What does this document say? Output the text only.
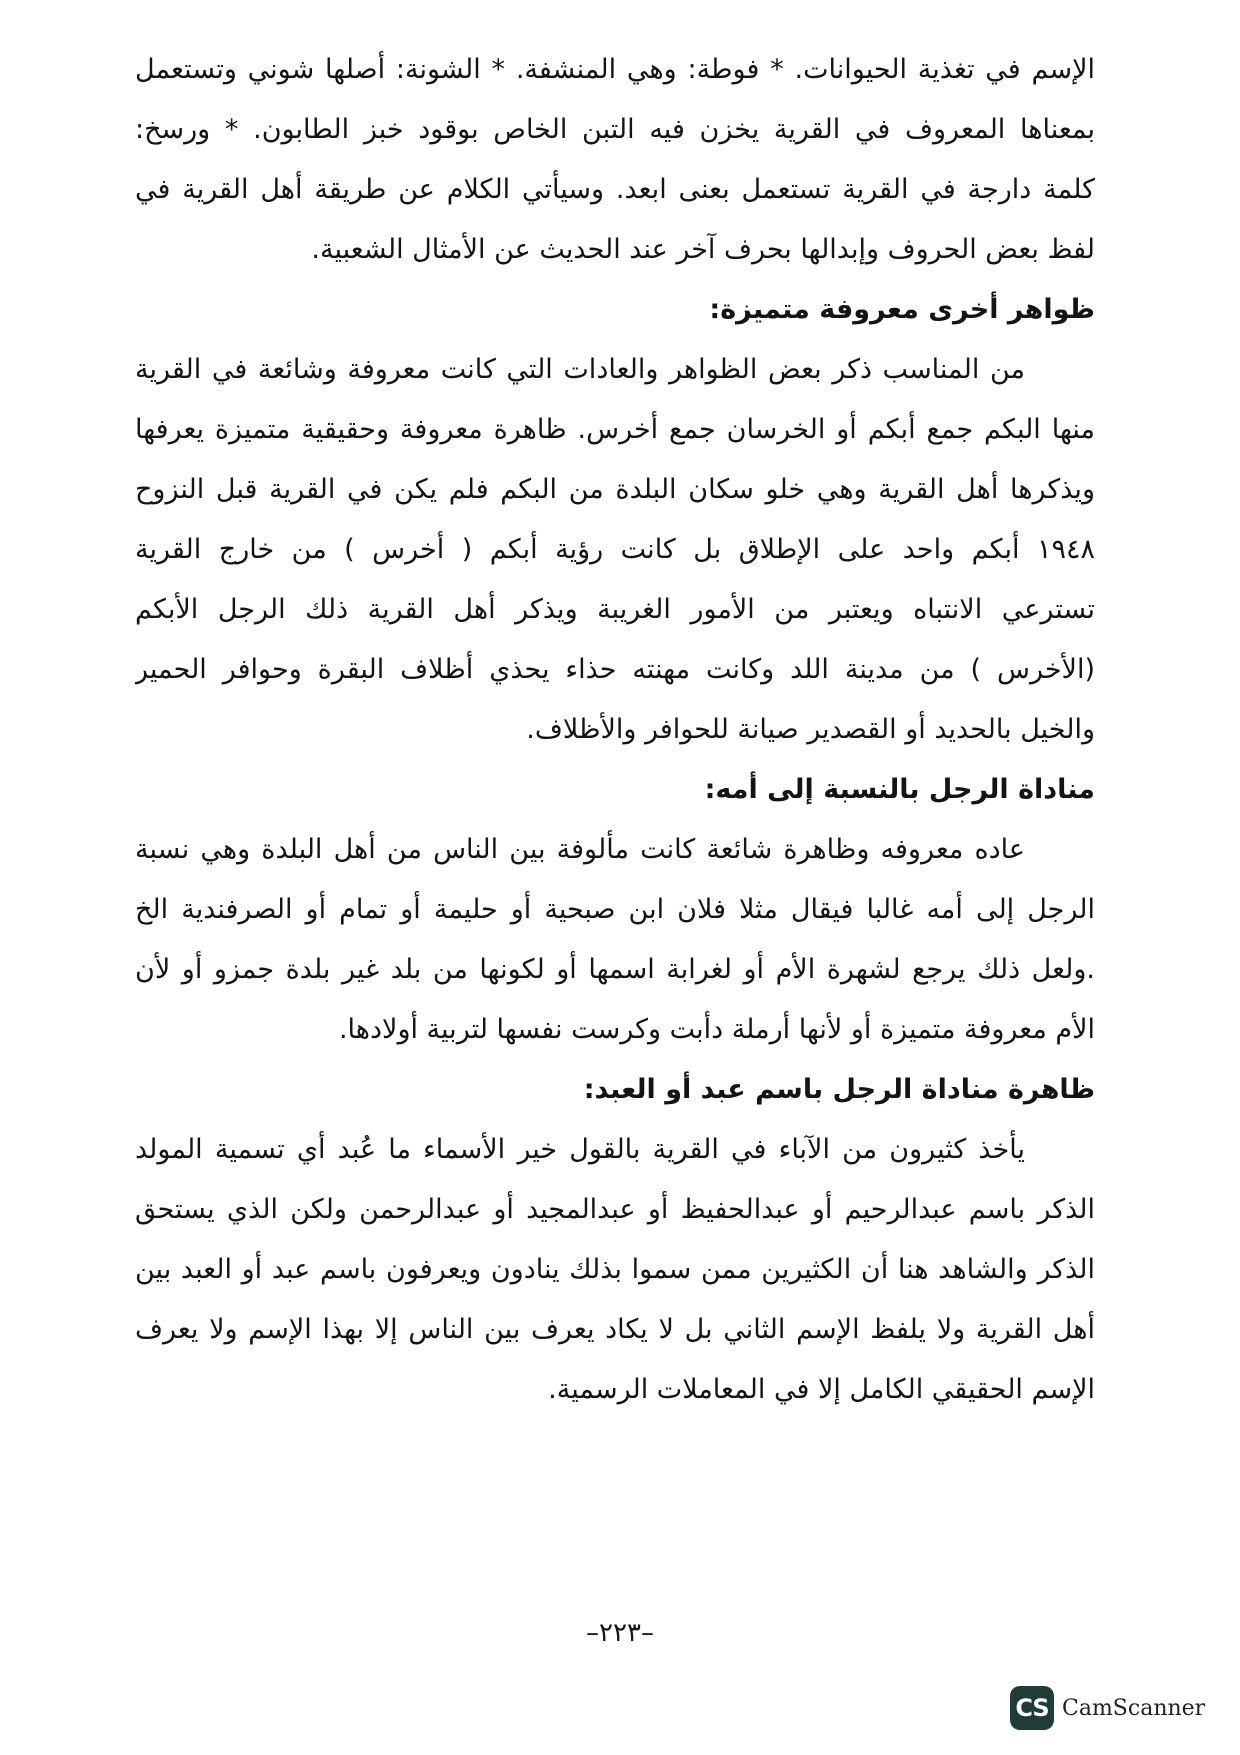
الإسم في تغذية الحيوانات. * فوطة: وهي المنشفة. * الشونة: أصلها شوني وتستعمل
بمعناها المعروف في القرية يخزن فيه التبن الخاص بوقود خبز الطابون. * ورسخ:
كلمة دارجة في القرية تستعمل بعنى ابعد. وسيأتي الكلام عن طريقة أهل القرية في
لفظ بعض الحروف وإبدالها بحرف آخر عند الحديث عن الأمثال الشعبية.
ظواهر أخرى معروفة متميزة:
من المناسب ذكر بعض الظواهر والعادات التي كانت معروفة وشائعة في القرية
منها البكم جمع أبكم أو الخرسان جمع أخرس. ظاهرة معروفة وحقيقية متميزة يعرفها
ويذكرها أهل القرية وهي خلو سكان البلدة من البكم فلم يكن في القرية قبل النزوح
١٩٤٨ أبكم واحد على الإطلاق بل كانت رؤية أبكم ( أخرس ) من خارج القرية
تسترعي الانتباه ويعتبر من الأمور الغريبة ويذكر أهل القرية ذلك الرجل الأبكم
(الأخرس ) من مدينة اللد وكانت مهنته حذاء يحذي أظلاف البقرة وحوافر الحمير
والخيل بالحديد أو القصدير صيانة للحوافر والأظلاف.
مناداة الرجل بالنسبة إلى أمه:
عاده معروفه وظاهرة شائعة كانت مألوفة بين الناس من أهل البلدة وهي نسبة
الرجل إلى أمه غالبا فيقال مثلا فلان ابن صبحية أو حليمة أو تمام أو الصرفندية الخ
.ولعل ذلك يرجع لشهرة الأم أو لغرابة اسمها أو لكونها من بلد غير بلدة جمزو أو لأن
الأم معروفة متميزة أو لأنها أرملة دأبت وكرست نفسها لتربية أولادها.
ظاهرة مناداة الرجل باسم عبد أو العبد:
يأخذ كثيرون من الآباء في القرية بالقول خير الأسماء ما عُبد أي تسمية المولد
الذكر باسم عبدالرحيم أو عبدالحفيظ أو عبدالمجيد أو عبدالرحمن ولكن الذي يستحق
الذكر والشاهد هنا أن الكثيرين ممن سموا بذلك ينادون ويعرفون باسم عبد أو العبد بين
أهل القرية ولا يلفظ الإسم الثاني بل لا يكاد يعرف بين الناس إلا بهذا الإسم ولا يعرف
الإسم الحقيقي الكامل إلا في المعاملات الرسمية.
–٢٢٣–
CS CamScanner
